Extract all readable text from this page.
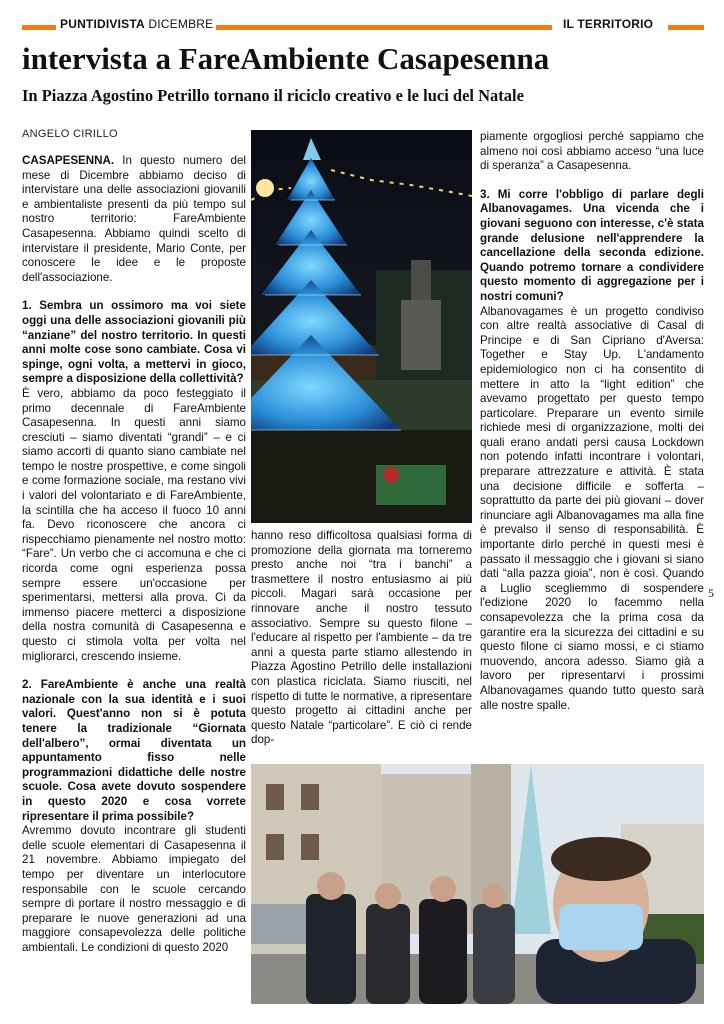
PUNTIDIVISTA DICEMBRE	IL TERRITORIO
intervista a FareAmbiente Casapesenna
In Piazza Agostino Petrillo tornano il riciclo creativo e le luci del Natale
ANGELO CIRILLO

CASAPESENNA. In questo numero del mese di Dicembre abbiamo deciso di intervistare una delle associazioni giovanili e ambientaliste presenti da più tempo sul nostro territorio: FareAmbiente Casapesenna. Abbiamo quindi scelto di intervistare il presidente, Mario Conte, per conoscere le idee e le proposte dell'associazione.

1. Sembra un ossimoro ma voi siete oggi una delle associazioni giovanili più “anziane” del nostro territorio. In questi anni molte cose sono cambiate. Cosa vi spinge, ogni volta, a mettervi in gioco, sempre a disposizione della collettività?

È vero, abbiamo da poco festeggiato il primo decennale di FareAmbiente Casapesenna. In questi anni siamo cresciuti – siamo diventati “grandi” – e ci siamo accorti di quanto siano cambiate nel tempo le nostre prospettive, e come singoli e come formazione sociale, ma restano vivi i valori del volontariato e di FareAmbiente, la scintilla che ha acceso il fuoco 10 anni fa. Devo riconoscere che ancora ci rispecchiamo pienamente nel nostro motto: “Fare”. Un verbo che ci accomuna e che ci ricorda come ogni esperienza possa sempre essere un'occasione per sperimentarsi, mettersi alla prova. Ci da immenso piacere metterci a disposizione della nostra comunità di Casapesenna e questo ci stimola volta per volta nel migliorarci, crescendo insieme.

2. FareAmbiente è anche una realtà nazionale con la sua identità e i suoi valori. Quest'anno non si è potuta tenere la tradizionale “Giornata dell'albero”, ormai diventata un appuntamento fisso nelle programmazioni didattiche delle nostre scuole. Cosa avete dovuto sospendere in questo 2020 e cosa vorrete ripresentare il prima possibile?

Avremmo dovuto incontrare gli studenti delle scuole elementari di Casapesenna il 21 novembre. Abbiamo impiegato del tempo per diventare un interlocutore responsabile con le scuole cercando sempre di portare il nostro messaggio e di preparare le nuove generazioni ad una maggiore consapevolezza delle politiche ambientali. Le condizioni di questo 2020

hanno reso difficoltosa qualsiasi forma di promozione della giornata ma torneremo presto anche noi “tra i banchi” a trasmettere il nostro entusiasmo ai più piccoli. Magari sarà occasione per rinnovare anche il nostro tessuto associativo. Sempre su questo filone – l'educare al rispetto per l'ambiente – da tre anni a questa parte stiamo allestendo in Piazza Agostino Petrillo delle installazioni con plastica riciclata. Siamo riusciti, nel rispetto di tutte le normative, a ripresentare questo progetto ai cittadini anche per questo Natale “particolare”. E ciò ci rende dop-

piamente orgogliosi perché sappiamo che almeno noi così abbiamo acceso “una luce di speranza” a Casapesenna.

3. Mi corre l'obbligo di parlare degli Albanovagames. Una vicenda che i giovani seguono con interesse, c'è stata grande delusione nell'apprendere la cancellazione della seconda edizione. Quando potremo tornare a condividere questo momento di aggregazione per i nostri comuni?

Albanovagames è un progetto condiviso con altre realtà associative di Casal di Principe e di San Cipriano d'Aversa: Together e Stay Up. L'andamento epidemiologico non ci ha consentito di mettere in atto la “light edition” che avevamo progettato per questo tempo particolare. Preparare un evento simile richiede mesi di organizzazione, molti dei quali erano andati persi causa Lockdown non potendo infatti incontrare i volontari, preparare attrezzature e attività. È stata una decisione difficile e sofferta – soprattutto da parte dei più giovani – dover rinunciare agli Albanovagames ma alla fine è prevalso il senso di responsabilità. È importante dirlo perché in questi mesi è passato il messaggio che i giovani si siano dati “alla pazza gioia”, non è così. Quando a Luglio scegliemmo di sospendere l'edizione 2020 lo facemmo nella consapevolezza che la prima cosa da garantire era la sicurezza dei cittadini e su questo filone ci siamo mossi, e ci stiamo muovendo, ancora adesso. Siamo già a lavoro per ripresentarvi i prossimi Albanovagames quando tutto questo sarà alle nostre spalle.

5
